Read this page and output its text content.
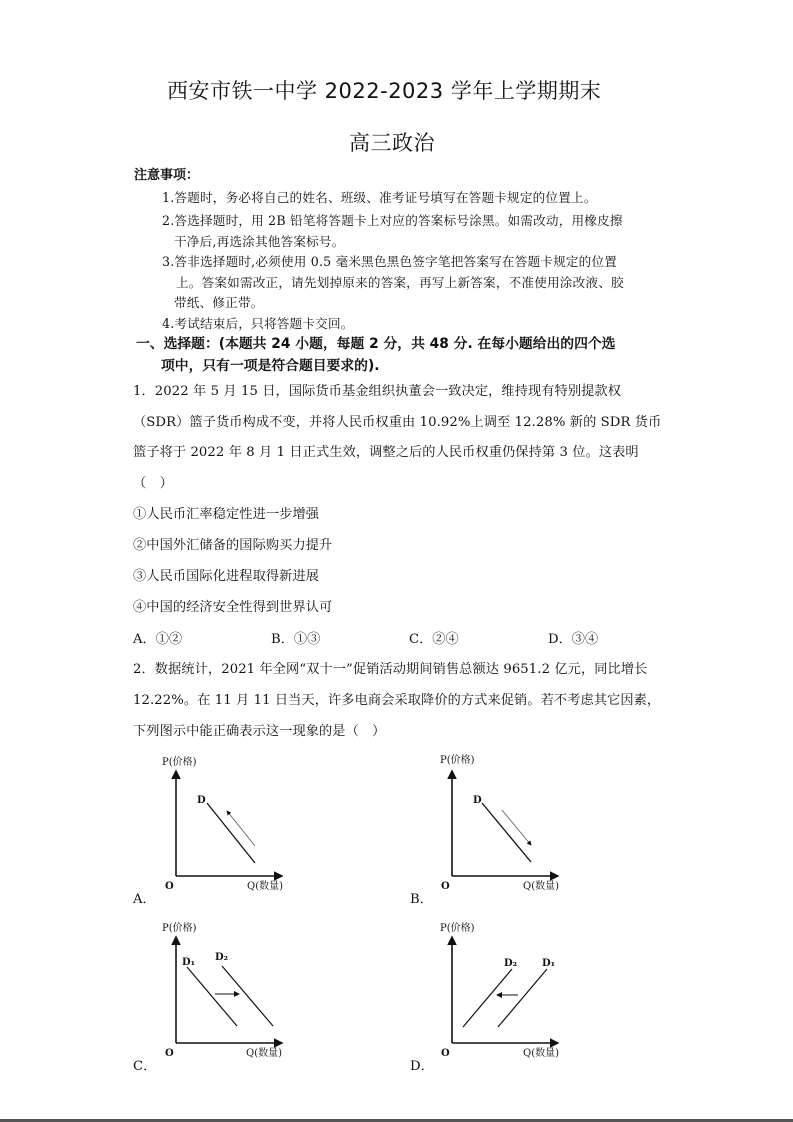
西安市铁一中学 2022-2023 学年上学期期末
高三政治
注意事项：
1.答题时，务必将自己的姓名、班级、准考证号填写在答题卡规定的位置上。
2.答选择题时，用 2B 铅笔将答题卡上对应的答案标号涂黑。如需改动，用橡皮擦
干净后,再选涂其他答案标号。
3.答非选择题时,必须使用 0.5 毫米黑色黑色签字笔把答案写在答题卡规定的位置
上。答案如需改正，请先划掉原来的答案，再写上新答案，不准使用涂改液、胶
带纸、修正带。
4.考试结束后，只将答题卡交回。
一、选择题：(本题共 24 小题，每题 2 分，共 48 分. 在每小题给出的四个选
项中，只有一项是符合题目要求的).
1．2022 年 5 月 15 日，国际货币基金组织执董会一致决定，维持现有特别提款权
（SDR）篮子货币构成不变，并将人民币权重由 10.92%上调至 12.28% 新的 SDR 货币
篮子将于 2022 年 8 月 1 日正式生效，调整之后的人民币权重仍保持第 3 位。这表明
（　）
①人民币汇率稳定性进一步增强
②中国外汇储备的国际购买力提升
③人民币国际化进程取得新进展
④中国的经济安全性得到世界认可
A．①②	B．①③	C．②④	D．③④
2．数据统计，2021 年全网“双十一”促销活动期间销售总额达 9651.2 亿元，同比增长
12.22%。在 11 月 11 日当天，许多电商会采取降价的方式来促销。若不考虑其它因素，
下列图示中能正确表示这一现象的是（　）
P(价格)
Q(数量)
O
D
A．
P(价格)
Q(数量)
O
D
B．
P(价格)
Q(数量)
O
D₁ D₂
C．
P(价格)
Q(数量)
O
D₂ D₁
D．
